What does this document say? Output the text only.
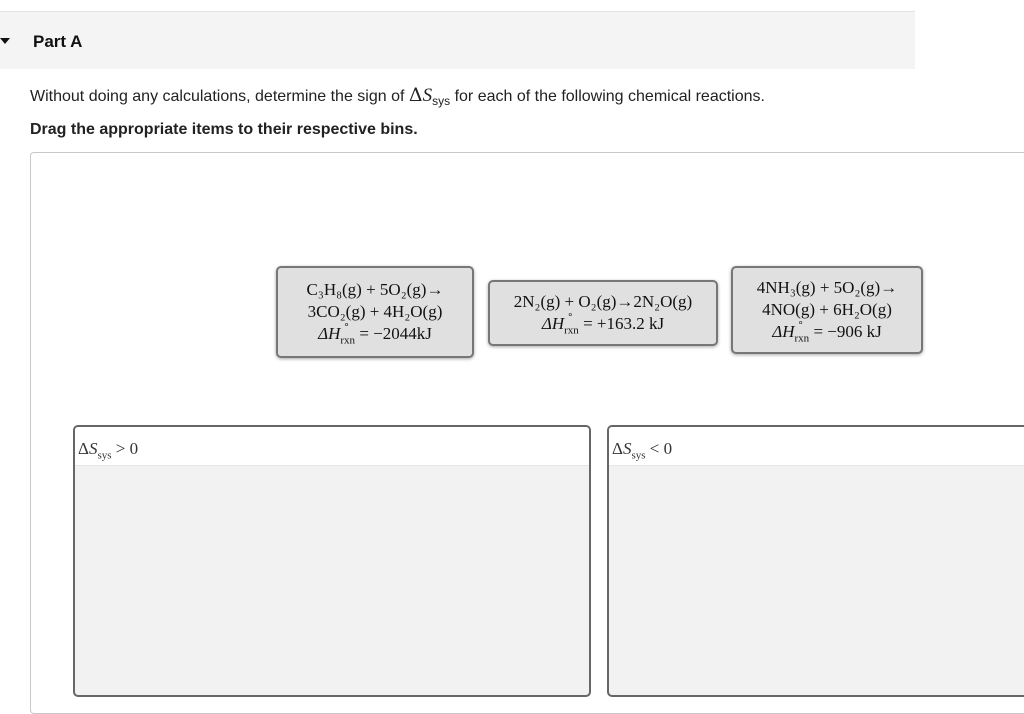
Part A
Without doing any calculations, determine the sign of $\Delta S_{sys}$ for each of the following chemical reactions.
Drag the appropriate items to their respective bins.
C₃H₈(g) + 5O₂(g)→
3CO₂(g) + 4H₂O(g)
ΔH ∘
$_{rxn}$ = −2044kJ
2N₂(g) + O₂(g)→2N₂O(g)
ΔH ∘
$_{rxn}$ = +163.2 kJ
4NH₃(g) + 5O₂(g)→
4NO(g) + 6H₂O(g)
ΔH ∘
$_{rxn}$ = −906 kJ
$\Delta S_{sys} > 0$	$\Delta S_{sys} < 0$
